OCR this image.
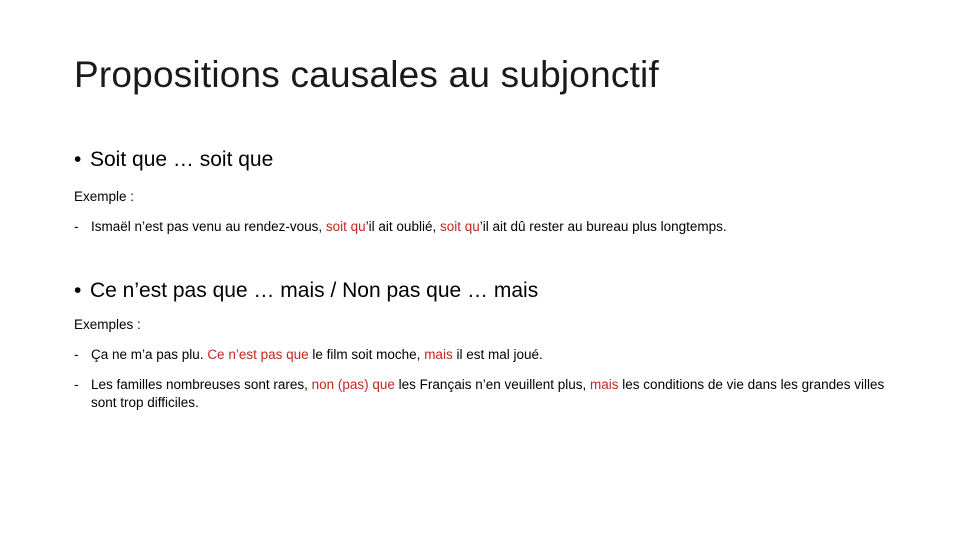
Propositions causales au subjonctif
• Soit que … soit que
Exemple :
- Ismaël n’est pas venu au rendez-vous, soit qu’il ait oublié, soit qu’il ait dû rester au bureau plus longtemps.
• Ce n’est pas que … mais / Non pas que … mais
Exemples :
- Ça ne m’a pas plu. Ce n’est pas que le film soit moche, mais il est mal joué.
- Les familles nombreuses sont rares, non (pas) que les Français n’en veuillent plus, mais les conditions de vie dans les grandes villes sont trop difficiles.
